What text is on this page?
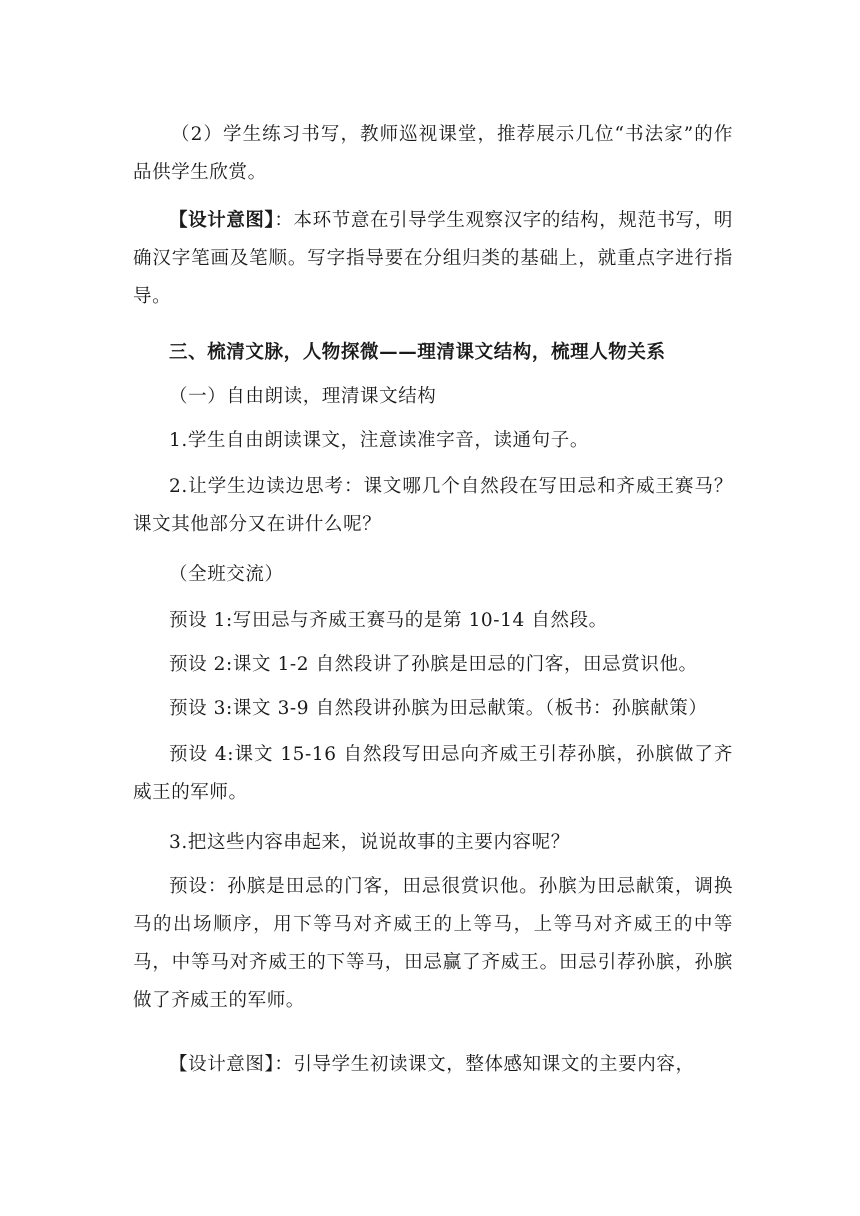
（2）学生练习书写，教师巡视课堂，推荐展示几位“书法家”的作品供学生欣赏。

【设计意图】：本环节意在引导学生观察汉字的结构，规范书写，明确汉字笔画及笔顺。写字指导要在分组归类的基础上，就重点字进行指导。

三、梳清文脉，人物探微——理清课文结构，梳理人物关系

（一）自由朗读，理清课文结构

1.学生自由朗读课文，注意读准字音，读通句子。

2.让学生边读边思考：课文哪几个自然段在写田忌和齐威王赛马？课文其他部分又在讲什么呢？

（全班交流）

预设 1:写田忌与齐威王赛马的是第 10-14 自然段。

预设 2:课文 1-2 自然段讲了孙膑是田忌的门客，田忌赏识他。

预设 3:课文 3-9 自然段讲孙膑为田忌献策。（板书：孙膑献策）

预设 4:课文 15-16 自然段写田忌向齐威王引荐孙膑，孙膑做了齐威王的军师。

3.把这些内容串起来，说说故事的主要内容呢？

预设：孙膑是田忌的门客，田忌很赏识他。孙膑为田忌献策，调换马的出场顺序，用下等马对齐威王的上等马，上等马对齐威王的中等马，中等马对齐威王的下等马，田忌赢了齐威王。田忌引荐孙膑，孙膑做了齐威王的军师。

【设计意图】：引导学生初读课文，整体感知课文的主要内容，
